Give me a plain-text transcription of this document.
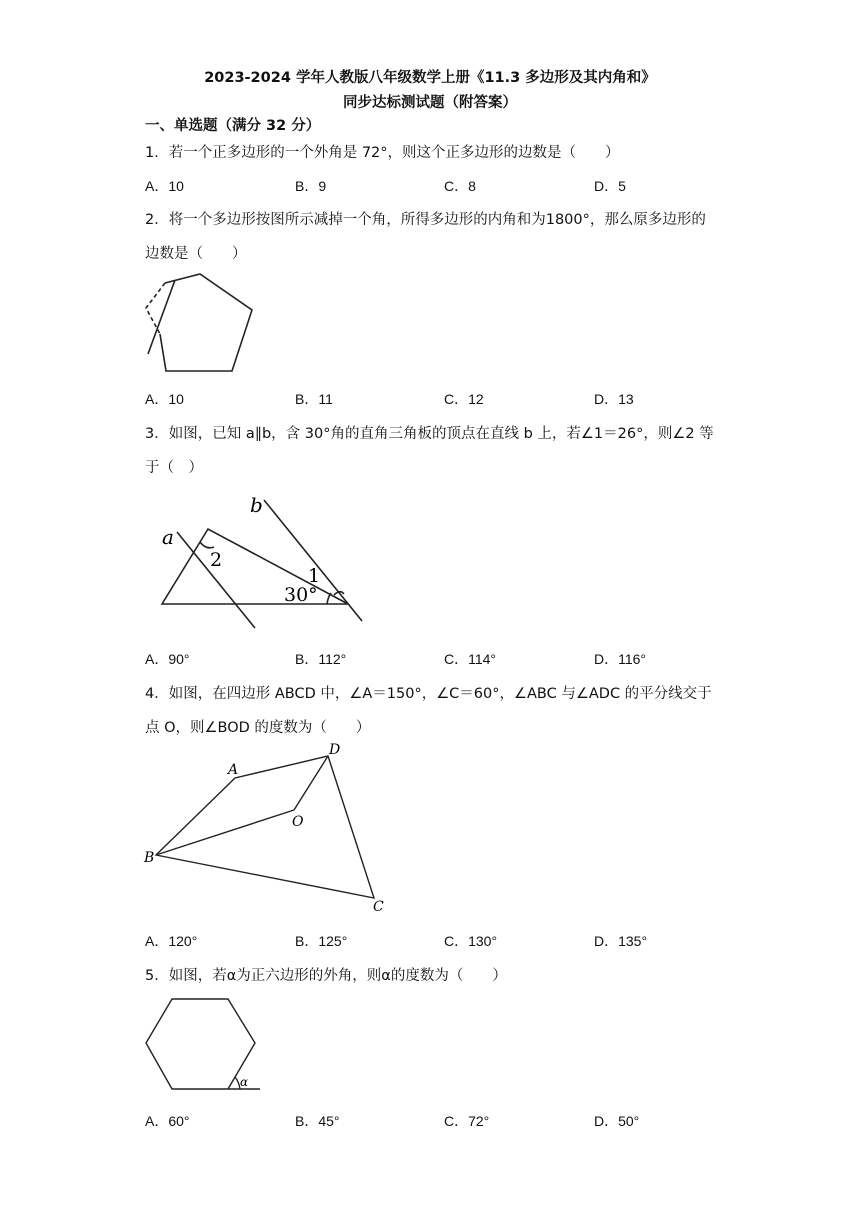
2023-2024 学年人教版八年级数学上册《11.3 多边形及其内角和》
同步达标测试题（附答案）
一、单选题（满分 32 分）
1．若一个正多边形的一个外角是 72°，则这个正多边形的边数是（　　）
A．10	B．9	C．8	D．5
2．将一个多边形按图所示减掉一个角，所得多边形的内角和为1800°，那么原多边形的
边数是（　　）
A．10	B．11	C．12	D．13
3．如图，已知 a∥b，含 30°角的直角三角板的顶点在直线 b 上，若∠1＝26°，则∠2 等
于（　）
a
b
2
1
30°
A．90°	B．112°	C．114°	D．116°
4．如图，在四边形 ABCD 中，∠A＝150°，∠C＝60°，∠ABC 与∠ADC 的平分线交于
点 O，则∠BOD 的度数为（　　）
A
B
C
D
O
A．120°	B．125°	C．130°	D．135°
5．如图，若α为正六边形的外角，则α的度数为（　　）
α
A．60°	B．45°	C．72°	D．50°
